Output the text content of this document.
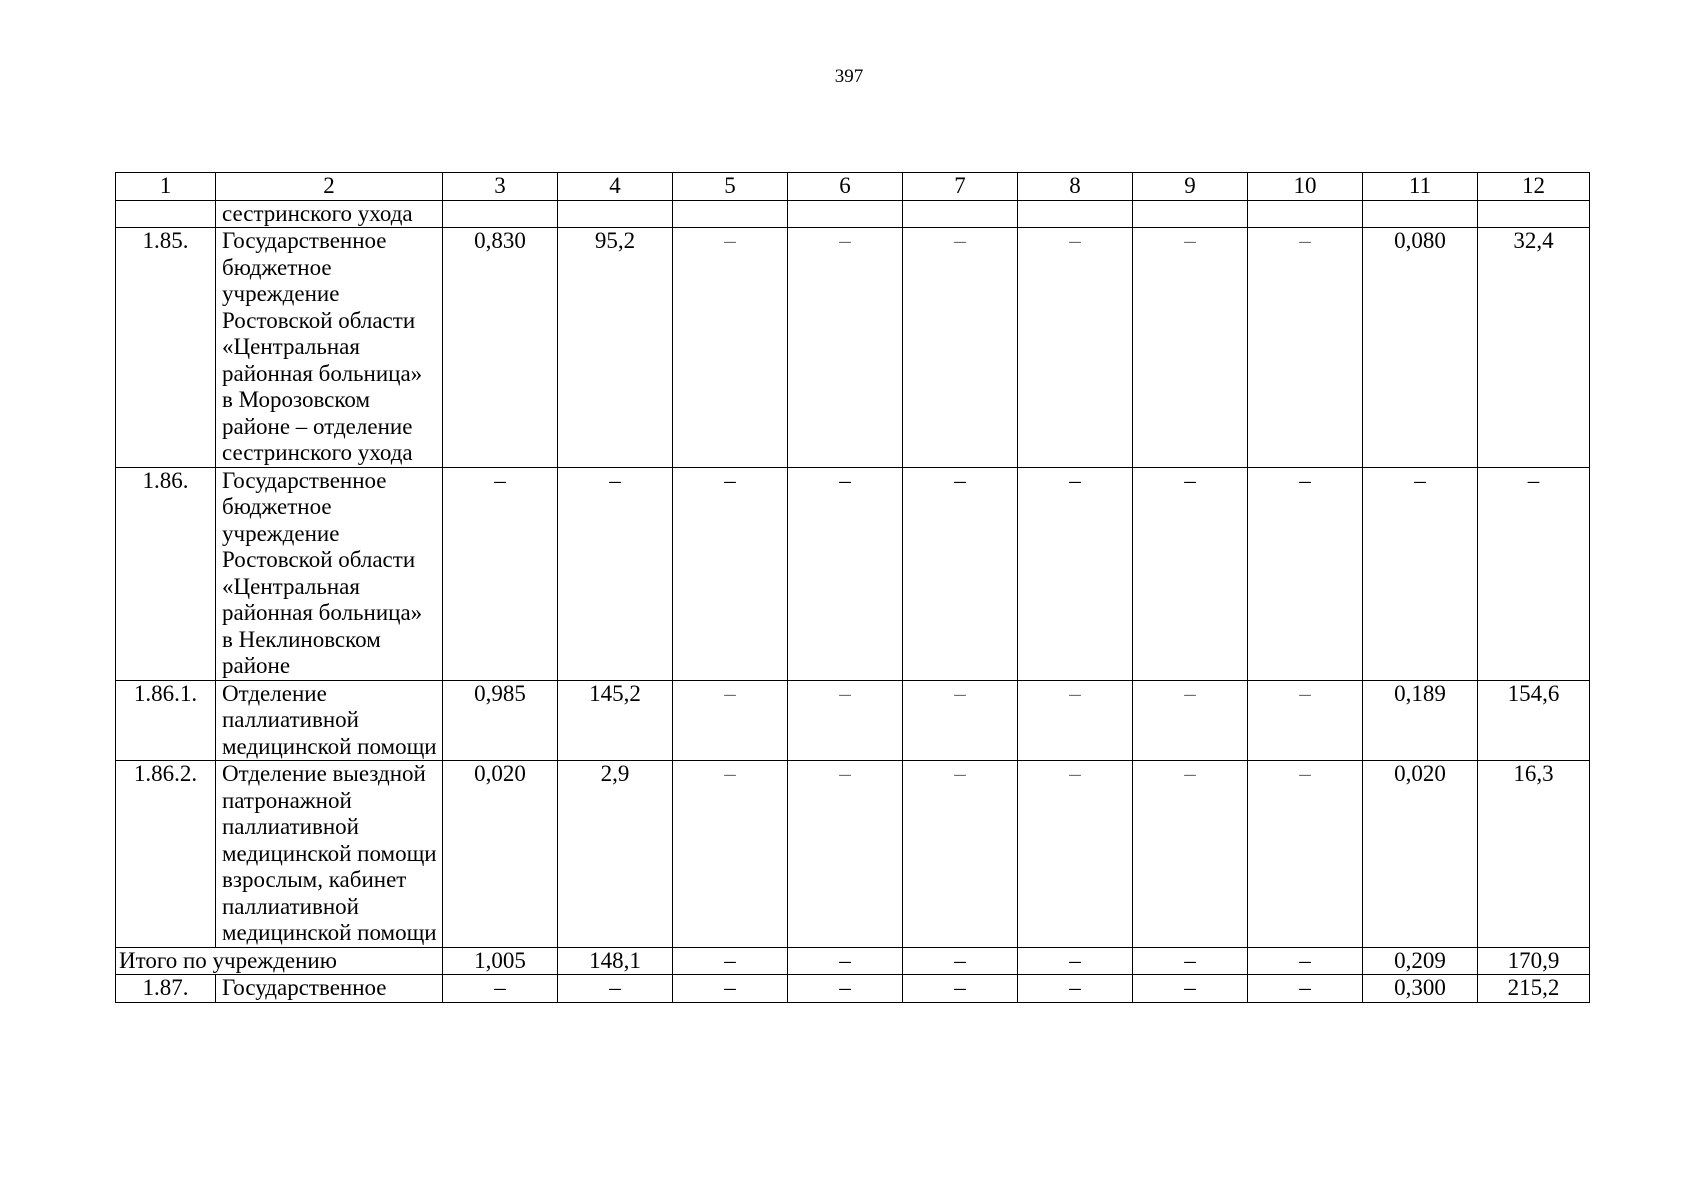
397
1	2	3	4	5	6	7	8	9	10	11	12
	сестринского ухода										
1.85.	Государственное бюджетное учреждение Ростовской области «Центральная районная больница» в Морозовском районе – отделение сестринского ухода	0,830	95,2	–	–	–	–	–	–	0,080	32,4
1.86.	Государственное бюджетное учреждение Ростовской области «Центральная районная больница» в Неклиновском районе	–	–	–	–	–	–	–	–	–	–
1.86.1.	Отделение паллиативной медицинской помощи	0,985	145,2	–	–	–	–	–	–	0,189	154,6
1.86.2.	Отделение выездной патронажной паллиативной медицинской помощи взрослым, кабинет паллиативной медицинской помощи	0,020	2,9	–	–	–	–	–	–	0,020	16,3
Итого по учреждению		1,005	148,1	–	–	–	–	–	–	0,209	170,9
1.87.	Государственное	–	–	–	–	–	–	–	–	0,300	215,2
